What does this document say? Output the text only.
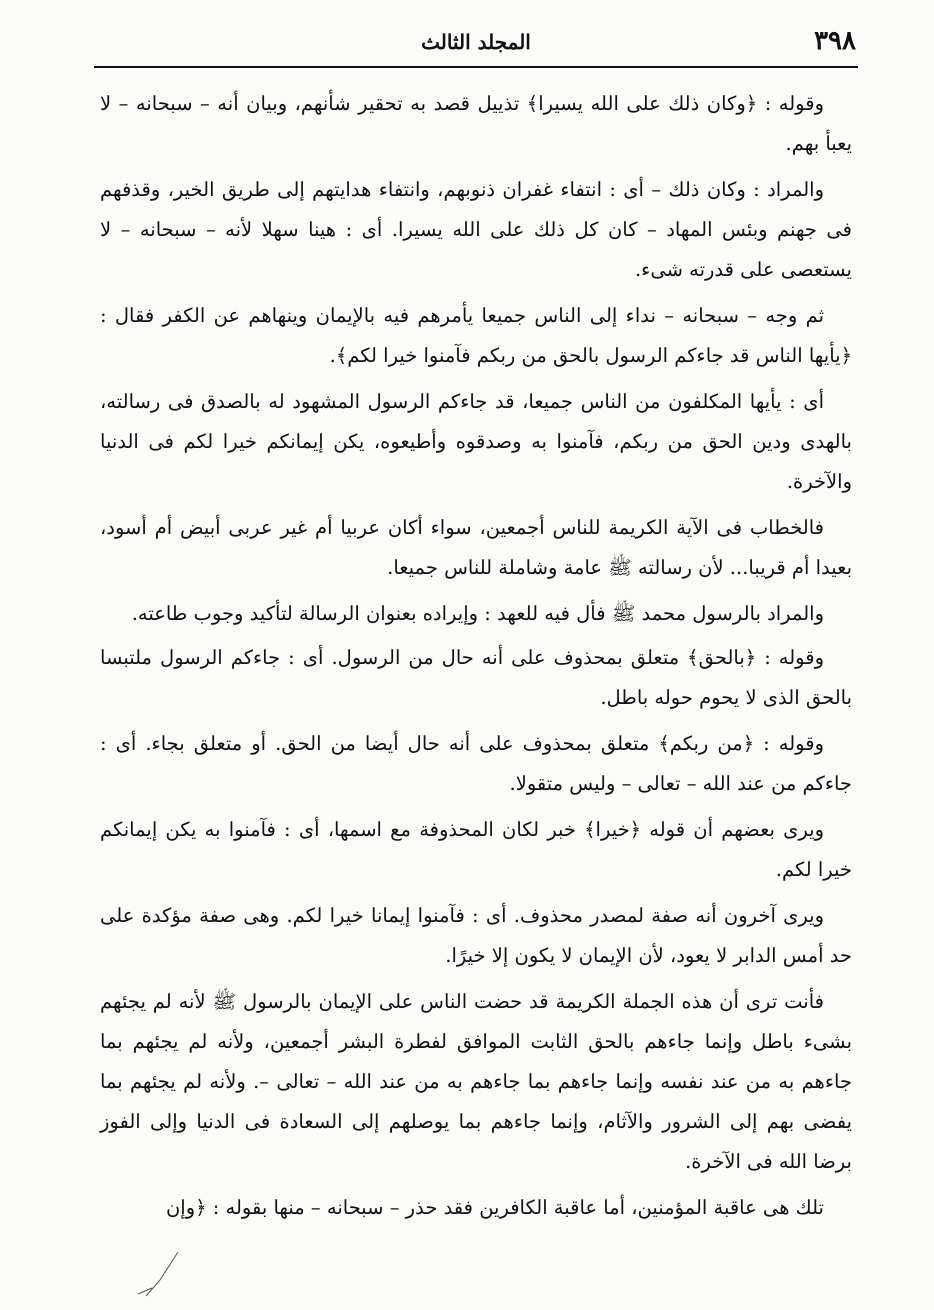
٣٩٨
المجلد الثالث

وقوله : ﴿وكان ذلك على الله يسيرا﴾ تذييل قصد به تحقير شأنهم، وبيان أنه – سبحانه – لا يعبأ بهم.

والمراد : وكان ذلك – أى : انتفاء غفران ذنوبهم، وانتفاء هدايتهم إلى طريق الخير، وقذفهم فى جهنم وبئس المهاد – كان كل ذلك على الله يسيرا. أى : هينا سهلا لأنه – سبحانه – لا يستعصى على قدرته شىء.

ثم وجه – سبحانه – نداء إلى الناس جميعا يأمرهم فيه بالإيمان وينهاهم عن الكفر فقال : ﴿يأيها الناس قد جاءكم الرسول بالحق من ربكم فآمنوا خيرا لكم﴾.

أى : يأيها المكلفون من الناس جميعا، قد جاءكم الرسول المشهود له بالصدق فى رسالته، بالهدى ودين الحق من ربكم، فآمنوا به وصدقوه وأطيعوه، يكن إيمانكم خيرا لكم فى الدنيا والآخرة.

فالخطاب فى الآية الكريمة للناس أجمعين، سواء أكان عربيا أم غير عربى أبيض أم أسود، بعيدا أم قريبا... لأن رسالته ﷺ عامة وشاملة للناس جميعا.

والمراد بالرسول محمد ﷺ فأل فيه للعهد : وإيراده بعنوان الرسالة لتأكيد وجوب طاعته.

وقوله : ﴿بالحق﴾ متعلق بمحذوف على أنه حال من الرسول. أى : جاءكم الرسول ملتبسا بالحق الذى لا يحوم حوله باطل.

وقوله : ﴿من ربكم﴾ متعلق بمحذوف على أنه حال أيضا من الحق. أو متعلق بجاء. أى : جاءكم من عند الله – تعالى – وليس متقولا.

ويرى بعضهم أن قوله ﴿خيرا﴾ خبر لكان المحذوفة مع اسمها، أى : فآمنوا به يكن إيمانكم خيرا لكم.

ويرى آخرون أنه صفة لمصدر محذوف. أى : فآمنوا إيمانا خيرا لكم. وهى صفة مؤكدة على حد أمس الدابر لا يعود، لأن الإيمان لا يكون إلا خيرًا.

فأنت ترى أن هذه الجملة الكريمة قد حضت الناس على الإيمان بالرسول ﷺ لأنه لم يجئهم بشىء باطل وإنما جاءهم بالحق الثابت الموافق لفطرة البشر أجمعين، ولأنه لم يجئهم بما جاءهم به من عند نفسه وإنما جاءهم بما جاءهم به من عند الله – تعالى –. ولأنه لم يجئهم بما يفضى بهم إلى الشرور والآثام، وإنما جاءهم بما يوصلهم إلى السعادة فى الدنيا وإلى الفوز برضا الله فى الآخرة.

تلك هى عاقبة المؤمنين، أما عاقبة الكافرين فقد حذر – سبحانه – منها بقوله : ﴿وإن
